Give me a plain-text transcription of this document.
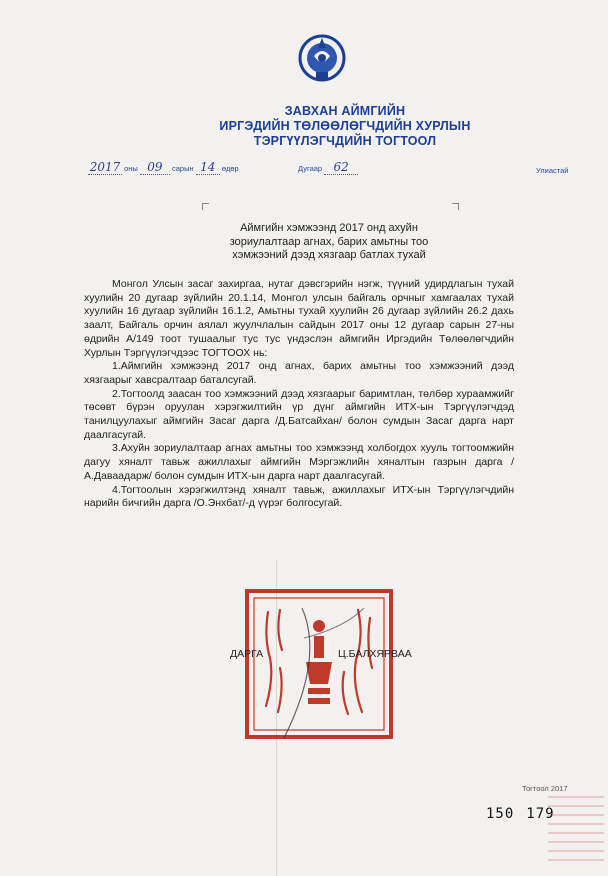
ЗАВХАН АЙМГИЙН
ИРГЭДИЙН ТӨЛӨӨЛӨГЧДИЙН ХУРЛЫН
ТЭРГҮҮЛЭГЧДИЙН ТОГТООЛ
2017 оны 09 сарын 14 өдөр	Дугаар 62	Улиастай
Аймгийн хэмжээнд 2017 онд ахуйн
зориулалтаар агнах, барих амьтны тоо
хэмжээний дээд хязгаар батлах тухай

Монгол Улсын засаг захиргаа, нутаг дэвсгэрийн нэгж, түүний удирдлагын тухай хуулийн 20 дугаар зүйлийн 20.1.14, Монгол улсын байгаль орчныг хамгаалах тухай хуулийн 16 дугаар зүйлийн 16.1.2, Амьтны тухай хуулийн 26 дугаар зүйлийн 26.2 дахь заалт, Байгаль орчин аялал жуулчлалын сайдын 2017 оны 12 дугаар сарын 27-ны өдрийн А/149 тоот тушаалыг тус тус үндэслэн аймгийн Иргэдийн Төлөөлөгчдийн Хурлын Тэргүүлэгчдээс ТОГТООХ нь:

1.Аймгийн хэмжээнд 2017 онд агнах, барих амьтны тоо хэмжээний дээд хязгаарыг хавсралтаар баталсугай.

2.Тогтоолд заасан тоо хэмжээний дээд хязгаарыг баримтлан, төлбөр хураамжийг төсөвт бүрэн оруулан хэрэгжилтийн үр дүнг аймгийн ИТХ-ын Тэргүүлэгчдэд танилцуулахыг аймгийн Засаг дарга /Д.Батсайхан/ болон сумдын Засаг дарга нарт даалгасугай.

3.Ахуйн зориулалтаар агнах амьтны тоо хэмжээнд холбогдох хууль тогтоомжийн дагуу хяналт тавьж ажиллахыг аймгийн Мэргэжлийн хяналтын газрын дарга /А.Даваадарж/ болон сумдын ИТХ-ын дарга нарт даалгасугай.

4.Тогтоолын хэрэгжилтэнд хяналт тавьж, ажиллахыг ИТХ-ын Тэргүүлэгчдийн нарийн бичгийн дарга /О.Энхбат/-д үүрэг болгосугай.

ДАРГА	Ц.БАЛХЯРВАА
Тогтоол 2017
150 179
